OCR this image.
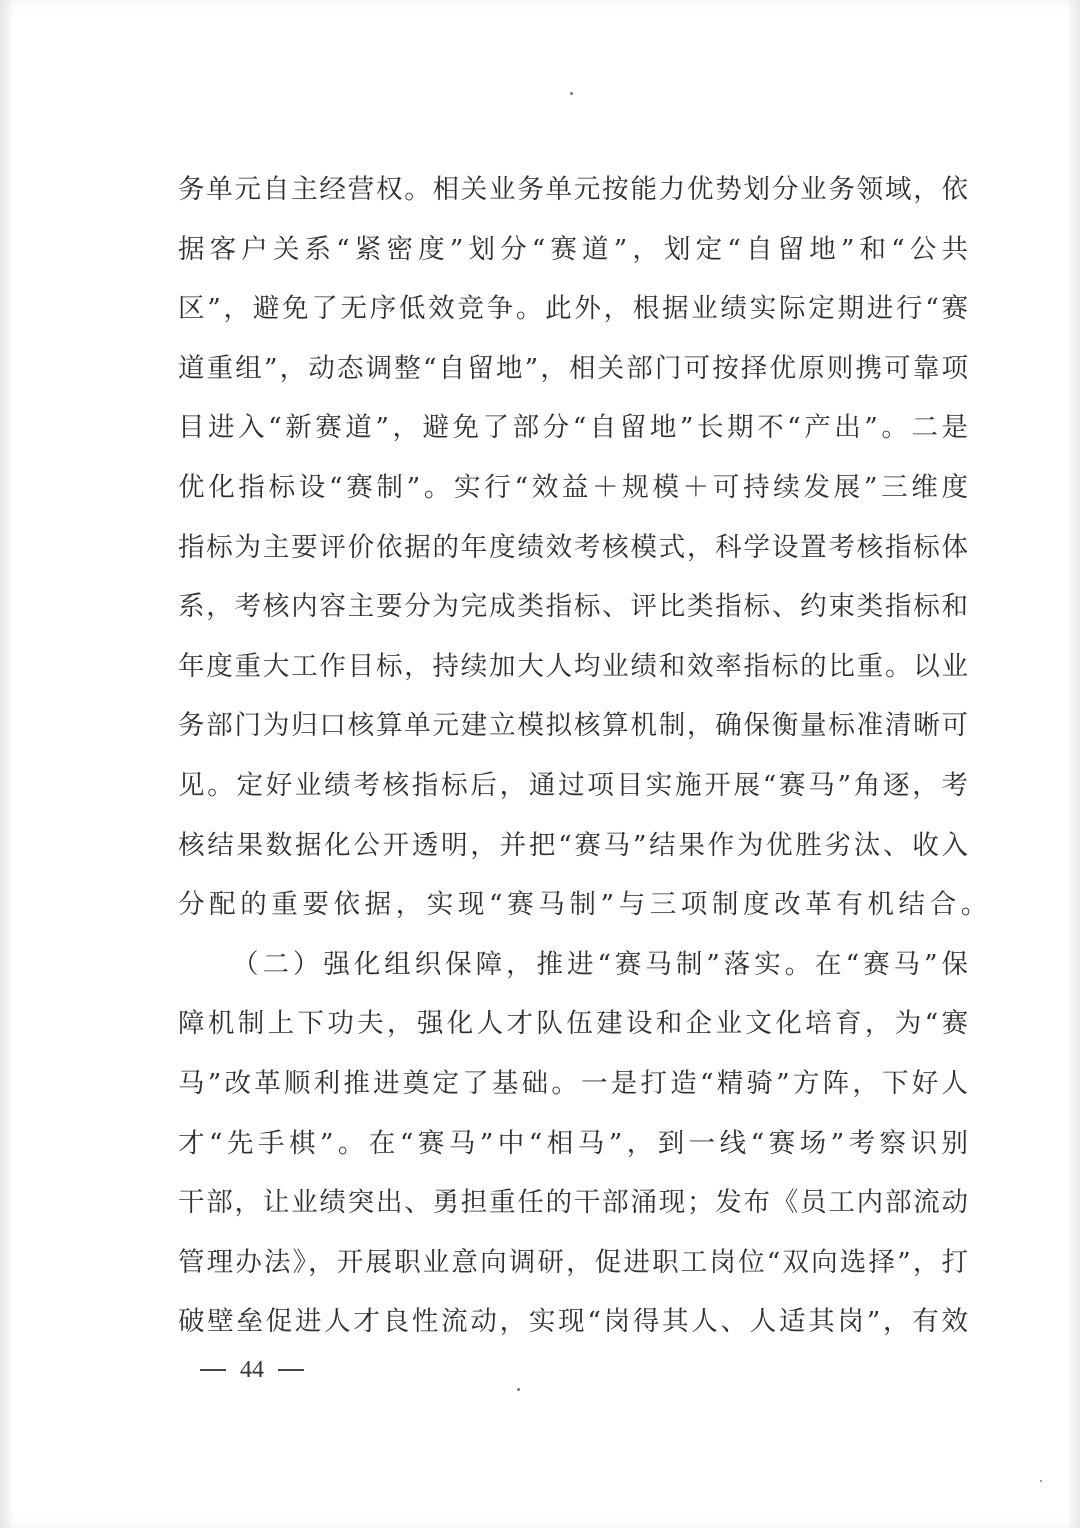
务单元自主经营权。相关业务单元按能力优势划分业务领域，依
据客户关系“紧密度”划分“赛道”，划定“自留地”和“公共
区”，避免了无序低效竞争。此外，根据业绩实际定期进行“赛
道重组”，动态调整“自留地”，相关部门可按择优原则携可靠项
目进入“新赛道”，避免了部分“自留地”长期不“产出”。二是
优化指标设“赛制”。实行“效益＋规模＋可持续发展”三维度
指标为主要评价依据的年度绩效考核模式，科学设置考核指标体
系，考核内容主要分为完成类指标、评比类指标、约束类指标和
年度重大工作目标，持续加大人均业绩和效率指标的比重。以业
务部门为归口核算单元建立模拟核算机制，确保衡量标准清晰可
见。定好业绩考核指标后，通过项目实施开展“赛马”角逐，考
核结果数据化公开透明，并把“赛马”结果作为优胜劣汰、收入
分配的重要依据，实现“赛马制”与三项制度改革有机结合。
（二）强化组织保障，推进“赛马制”落实。在“赛马”保
障机制上下功夫，强化人才队伍建设和企业文化培育，为“赛
马”改革顺利推进奠定了基础。一是打造“精骑”方阵，下好人
才“先手棋”。在“赛马”中“相马”，到一线“赛场”考察识别
干部，让业绩突出、勇担重任的干部涌现；发布《员工内部流动
管理办法》，开展职业意向调研，促进职工岗位“双向选择”，打
破壁垒促进人才良性流动，实现“岗得其人、人适其岗”，有效
44
